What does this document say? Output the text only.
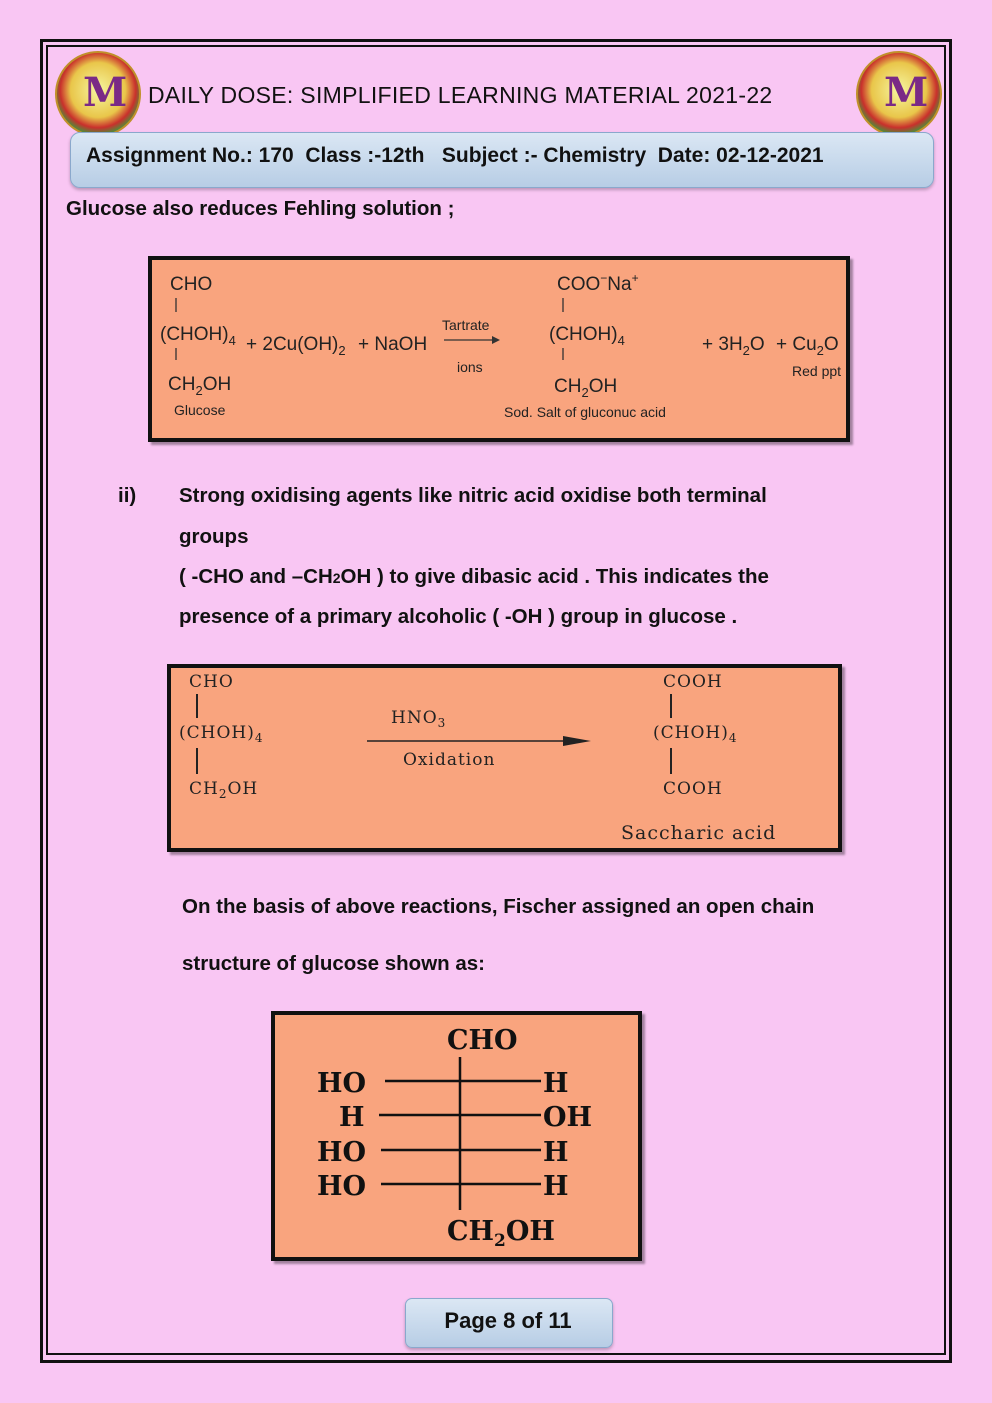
M	M
DAILY DOSE: SIMPLIFIED LEARNING MATERIAL 2021-22
Assignment No.: 170  Class :-12th   Subject :- Chemistry  Date: 02-12-2021
Glucose also reduces Fehling solution ;
CHO
$(CHOH)_4$
$CH_2OH$
Glucose
+ $2Cu(OH)_2$ + NaOH
Tartrate
ions
COO−Na+
$(CHOH)_4$
$CH_2OH$
Sod. Salt of gluconuc acid
+ $3H_2O + Cu_2O$
Red ppt
ii) Strong oxidising agents like nitric acid oxidise both terminal
groups
( -CHO and –CH2OH ) to give dibasic acid . This indicates the
presence of a primary alcoholic ( -OH ) group in glucose .
CHO
$(CHOH)_4$
$CH_2OH$
$HNO_3$
Oxidation
COOH
$(CHOH)_4$
COOH
Saccharic acid
On the basis of above reactions, Fischer assigned an open chain
structure of glucose shown as:
CHO
HO	H
H	OH
HO	H
HO	H
$CH_2OH$
Page 8 of 11
